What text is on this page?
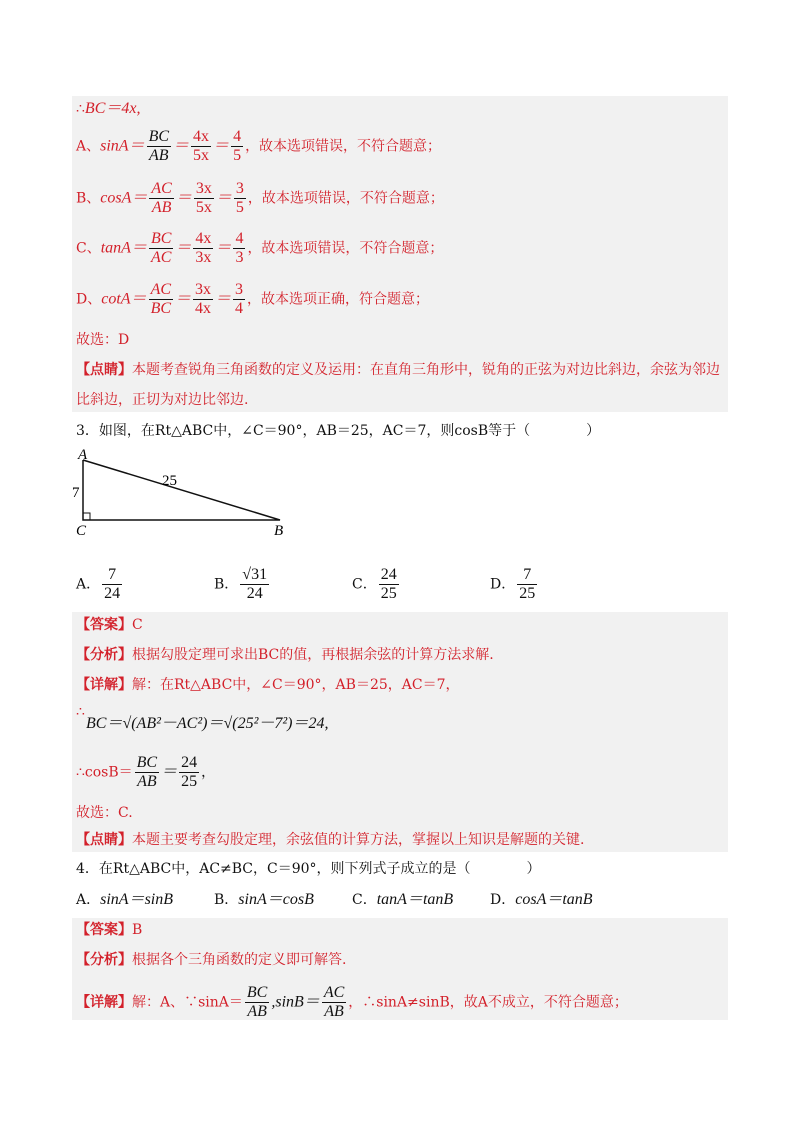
∴BC＝4x,
A、$\sin A= \frac{BC}{AB} = \frac{4x}{5x} = \frac{4}{5}$ ，故本选项错误，不符合题意；
B、$\cos A= \frac{AC}{AB} = \frac{3x}{5x} = \frac{3}{5}$ ，故本选项错误，不符合题意；
C、$\tan A= \frac{BC}{AC} = \frac{4x}{3x} = \frac{4}{3}$ ，故本选项错误，不符合题意；
D、$\cot A= \frac{AC}{BC} = \frac{3x}{4x} = \frac{3}{4}$ ，故本选项正确，符合题意；
故选：D
【点睛】本题考查锐角三角函数的定义及运用：在直角三角形中，锐角的正弦为对边比斜边，余弦为邻边
比斜边，正切为对边比邻边.
3．如图，在Rt△ABC中，∠C＝90°，AB＝25，AC＝7，则cosB等于（　　　　）
A
C	B
7
25
A． $\frac{7}{24}$	B． $\frac{√31}{24}$	C． $\frac{24}{25}$	D． $\frac{7}{25}$
【答案】C
【分析】根据勾股定理可求出BC的值，再根据余弦的计算方法求解.
【详解】解：在Rt△ABC中，∠C＝90°，AB＝25，AC＝7，
∴
BC＝√(AB²－AC²)＝√(25²－7²)＝24,
∴cosB＝ $\frac{BC}{AB} = \frac{24}{25}$ ，
故选：C.
【点睛】本题主要考查勾股定理，余弦值的计算方法，掌握以上知识是解题的关键.
4．在Rt△ABC中，AC≠BC，C＝90°，则下列式子成立的是（　　　　）
A．sinA＝sinB	B．sinA＝cosB	C．tanA＝tanB	D．cosA＝tanB
【答案】B
【分析】根据各个三角函数的定义即可解答.
【详解】解：A、∵sinA＝ $\frac{BC}{AB} ,\sin B= \frac{AC}{AB}$ ，∴sinA≠sinB，故A不成立，不符合题意；
